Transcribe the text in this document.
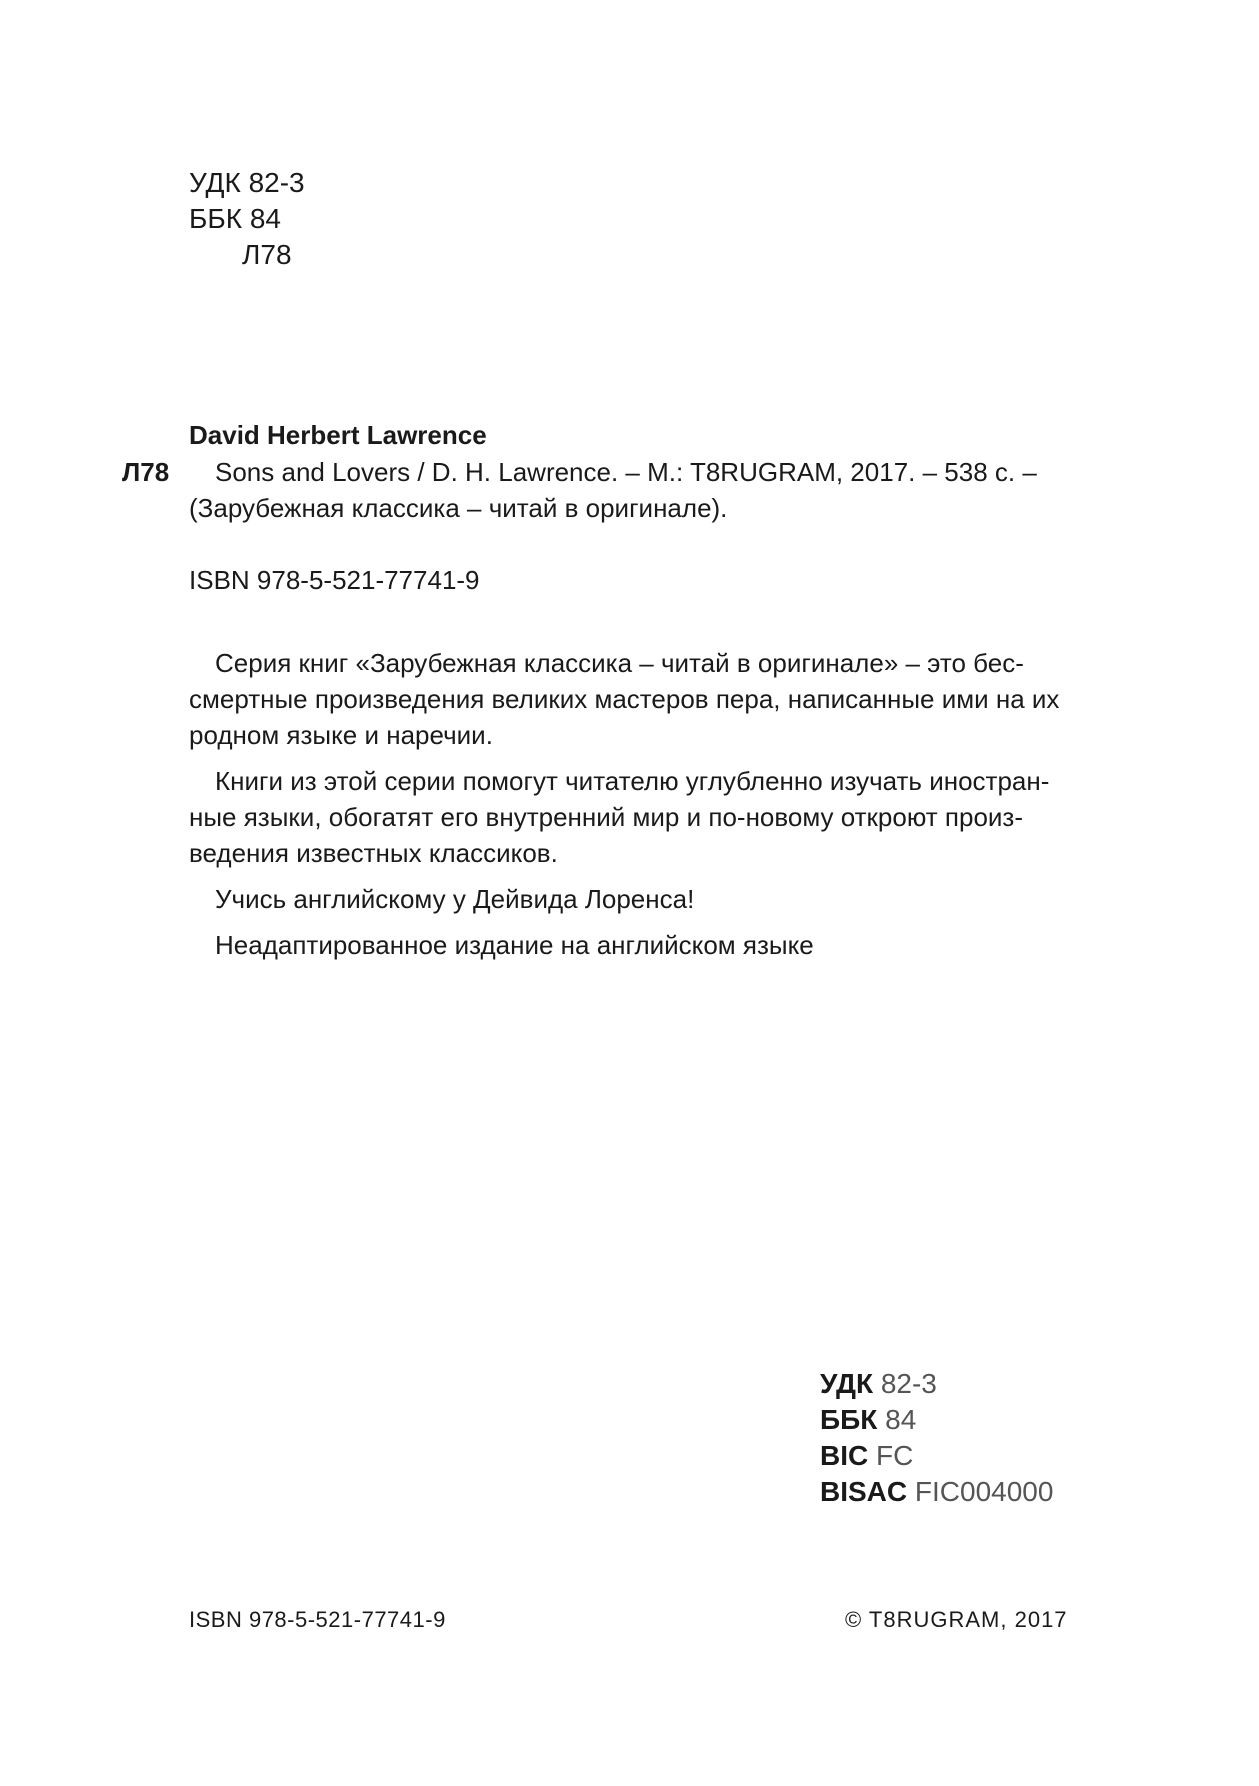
УДК 82-3
ББК 84
Л78
David Herbert Lawrence
Л78 Sons and Lovers / D. H. Lawrence. – M.: T8RUGRAM, 2017. – 538 с. –
(Зарубежная классика – читай в оригинале).
ISBN 978-5-521-77741-9
Серия книг «Зарубежная классика – читай в оригинале» – это бес-
смертные произведения великих мастеров пера, написанные ими на их
родном языке и наречии.
Книги из этой серии помогут читателю углубленно изучать иностран-
ные языки, обогатят его внутренний мир и по-новому откроют произ-
ведения известных классиков.
Учись английскому у Дейвида Лоренса!
Неадаптированное издание на английском языке
УДК 82-3
ББК 84
BIC FC
BISAC FIC004000
ISBN 978-5-521-77741-9	© T8RUGRAM, 2017
